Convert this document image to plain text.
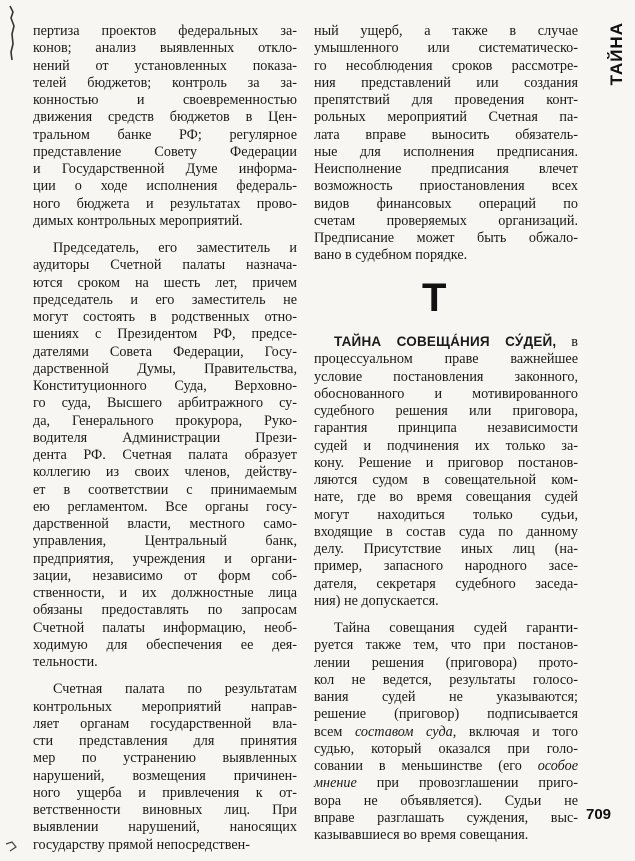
ТАЙНА
пертиза проектов федеральных за-
конов; анализ выявленных откло-
нений от установленных показа-
телей бюджетов; контроль за за-
конностью и своевременностью
движения средств бюджетов в Цен-
тральном банке РФ; регулярное
представление Совету Федерации
и Государственной Думе информа-
ции о ходе исполнения федераль-
ного бюджета и результатах прово-
димых контрольных мероприятий.
Председатель, его заместитель и
аудиторы Счетной палаты назнача-
ются сроком на шесть лет, причем
председатель и его заместитель не
могут состоять в родственных отно-
шениях с Президентом РФ, предсе-
дателями Совета Федерации, Госу-
дарственной Думы, Правительства,
Конституционного Суда, Верховно-
го суда, Высшего арбитражного су-
да, Генерального прокурора, Руко-
водителя Администрации Прези-
дента РФ. Счетная палата образует
коллегию из своих членов, действу-
ет в соответствии с принимаемым
ею регламентом. Все органы госу-
дарственной власти, местного само-
управления, Центральный банк,
предприятия, учреждения и органи-
зации, независимо от форм соб-
ственности, и их должностные лица
обязаны предоставлять по запросам
Счетной палаты информацию, необ-
ходимую для обеспечения ее дея-
тельности.
Счетная палата по результатам
контрольных мероприятий направ-
ляет органам государственной вла-
сти представления для принятия
мер по устранению выявленных
нарушений, возмещения причинен-
ного ущерба и привлечения к от-
ветственности виновных лиц. При
выявлении нарушений, наносящих
государству прямой непосредствен-
ный ущерб, а также в случае
умышленного или систематическо-
го несоблюдения сроков рассмотре-
ния представлений или создания
препятствий для проведения конт-
рольных мероприятий Счетная па-
лата вправе выносить обязатель-
ные для исполнения предписания.
Неисполнение предписания влечет
возможность приостановления всех
видов финансовых операций по
счетам проверяемых организаций.
Предписание может быть обжало-
вано в судебном порядке.
Т
ТАЙНА СОВЕЩÁНИЯ СУ́ДЕЙ, в
процессуальном праве важнейшее
условие постановления законного,
обоснованного и мотивированного
судебного решения или приговора,
гарантия принципа независимости
судей и подчинения их только за-
кону. Решение и приговор постанов-
ляются судом в совещательной ком-
нате, где во время совещания судей
могут находиться только судьи,
входящие в состав суда по данному
делу. Присутствие иных лиц (на-
пример, запасного народного засе-
дателя, секретаря судебного заседа-
ния) не допускается.
Тайна совещания судей гаранти-
руется также тем, что при постанов-
лении решения (приговора) прото-
кол не ведется, результаты голосо-
вания судей не указываются;
решение (приговор) подписывается
всем составом суда, включая и того
судью, который оказался при голо-
совании в меньшинстве (его особое
мнение при провозглашении приго-
вора не объявляется). Судьи не
вправе разглашать суждения, выс-
казывавшиеся во время совещания.
709
